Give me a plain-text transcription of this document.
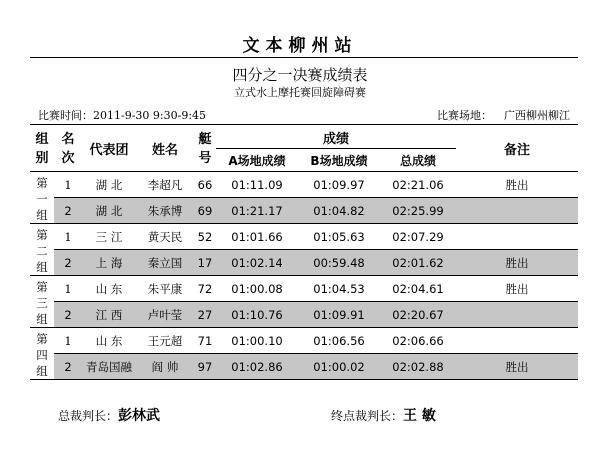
文本柳州站
四分之一决赛成绩表
立式水上摩托赛回旋障碍赛
比赛时间：2011-9-30 9:30-9:45	比赛场地： 广西柳州柳江
组
别	名
次	代表团	姓名	艇
号	成绩			备注
					A场地成绩	B场地成绩	总成绩	
第
一
组	1	湖 北	李超凡	66	01:11.09	01:09.97	02:21.06	胜出
	2	湖 北	朱承博	69	01:21.17	01:04.82	02:25.99	
第
二
组	1	三 江	黄天民	52	01:01.66	01:05.63	02:07.29	
	2	上 海	秦立国	17	01:02.14	00:59.48	02:01.62	胜出
第
三
组	1	山 东	朱平康	72	01:00.08	01:04.53	02:04.61	胜出
	2	江 西	卢叶莹	27	01:10.76	01:09.91	02:20.67	
第
四
组	1	山 东	王元超	71	01:00.10	01:06.56	02:06.66	
	2	青岛国融	阎 帅	97	01:02.86	01:00.02	02:02.88	胜出
总裁判长：彭林武	终点裁判长：王 敏
